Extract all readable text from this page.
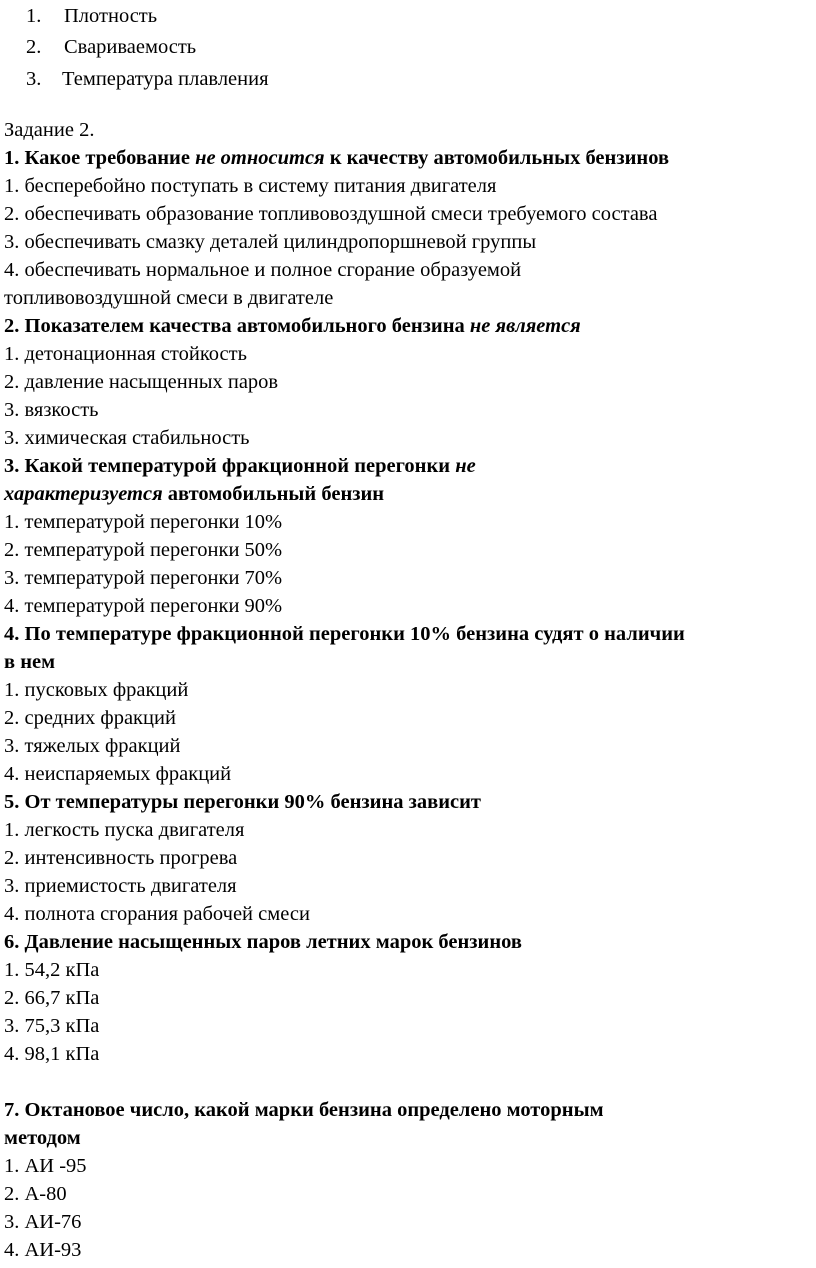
1. Плотность
2. Свариваемость
3. Температура плавления
Задание 2.
1. Какое требование не относится к качеству автомобильных бензинов
1. бесперебойно поступать в систему питания двигателя
2. обеспечивать образование топливовоздушной смеси требуемого состава
3. обеспечивать смазку деталей цилиндропоршневой группы
4. обеспечивать нормальное и полное сгорание образуемой
топливовоздушной смеси в двигателе
2. Показателем качества автомобильного бензина не является
1. детонационная стойкость
2. давление насыщенных паров
3. вязкость
3. химическая стабильность
3. Какой температурой фракционной перегонки не
характеризуется автомобильный бензин
1. температурой перегонки 10%
2. температурой перегонки 50%
3. температурой перегонки 70%
4. температурой перегонки 90%
4. По температуре фракционной перегонки 10% бензина судят о наличии
в нем
1. пусковых фракций
2. средних фракций
3. тяжелых фракций
4. неиспаряемых фракций
5. От температуры перегонки 90% бензина зависит
1. легкость пуска двигателя
2. интенсивность прогрева
3. приемистость двигателя
4. полнота сгорания рабочей смеси
6. Давление насыщенных паров летних марок бензинов
1. 54,2 кПа
2. 66,7 кПа
3. 75,3 кПа
4. 98,1 кПа
7. Октановое число, какой марки бензина определено моторным
методом
1. АИ -95
2. А-80
3. АИ-76
4. АИ-93
